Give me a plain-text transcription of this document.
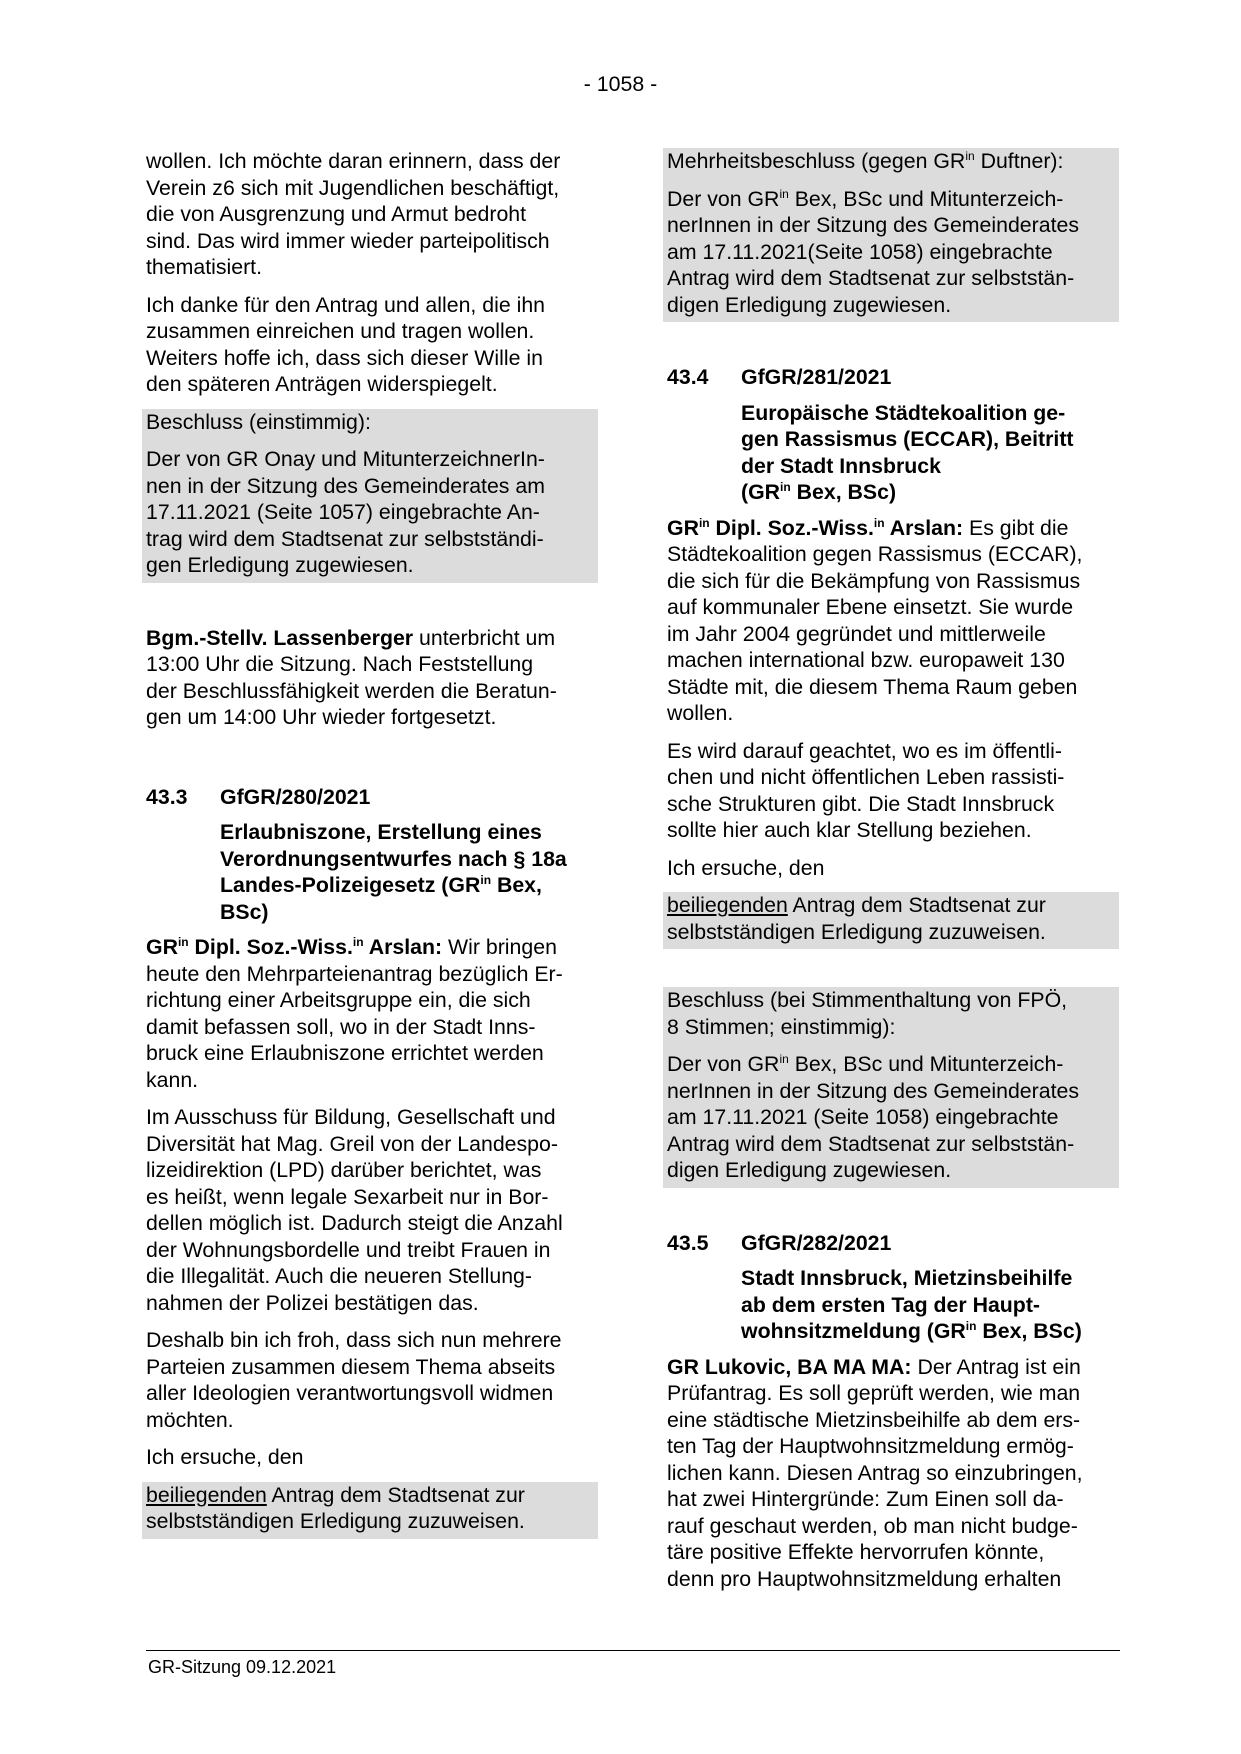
- 1058 -

wollen. Ich möchte daran erinnern, dass der
Verein z6 sich mit Jugendlichen beschäftigt,
die von Ausgrenzung und Armut bedroht
sind. Das wird immer wieder parteipolitisch
thematisiert.

Ich danke für den Antrag und allen, die ihn
zusammen einreichen und tragen wollen.
Weiters hoffe ich, dass sich dieser Wille in
den späteren Anträgen widerspiegelt.

Beschluss (einstimmig):

Der von GR Onay und MitunterzeichnerIn-
nen in der Sitzung des Gemeinderates am
17.11.2021 (Seite 1057) eingebrachte An-
trag wird dem Stadtsenat zur selbstständi-
gen Erledigung zugewiesen.

Bgm.-Stellv. Lassenberger unterbricht um
13:00 Uhr die Sitzung. Nach Feststellung
der Beschlussfähigkeit werden die Beratun-
gen um 14:00 Uhr wieder fortgesetzt.

43.3 GfGR/280/2021
Erlaubniszone, Erstellung eines
Verordnungsentwurfes nach § 18a
Landes-Polizeigesetz ($GR^{in}$ Bex,
BSc)

$GR^{in}$ Dipl. Soz.-Wiss.$^{in}$ Arslan: Wir bringen
heute den Mehrparteienantrag bezüglich Er-
richtung einer Arbeitsgruppe ein, die sich
damit befassen soll, wo in der Stadt Inns-
bruck eine Erlaubniszone errichtet werden
kann.

Im Ausschuss für Bildung, Gesellschaft und
Diversität hat Mag. Greil von der Landespo-
lizeidirektion (LPD) darüber berichtet, was
es heißt, wenn legale Sexarbeit nur in Bor-
dellen möglich ist. Dadurch steigt die Anzahl
der Wohnungsbordelle und treibt Frauen in
die Illegalität. Auch die neueren Stellung-
nahmen der Polizei bestätigen das.

Deshalb bin ich froh, dass sich nun mehrere
Parteien zusammen diesem Thema abseits
aller Ideologien verantwortungsvoll widmen
möchten.

Ich ersuche, den

beiliegenden Antrag dem Stadtsenat zur
selbstständigen Erledigung zuzuweisen.

Mehrheitsbeschluss (gegen $GR^{in}$ Duftner):

Der von $GR^{in}$ Bex, BSc und Mitunterzeich-
nerInnen in der Sitzung des Gemeinderates
am 17.11.2021(Seite 1058) eingebrachte
Antrag wird dem Stadtsenat zur selbststän-
digen Erledigung zugewiesen.

43.4 GfGR/281/2021
Europäische Städtekoalition ge-
gen Rassismus (ECCAR), Beitritt
der Stadt Innsbruck
($GR^{in}$ Bex, BSc)

$GR^{in}$ Dipl. Soz.-Wiss.$^{in}$ Arslan: Es gibt die
Städtekoalition gegen Rassismus (ECCAR),
die sich für die Bekämpfung von Rassismus
auf kommunaler Ebene einsetzt. Sie wurde
im Jahr 2004 gegründet und mittlerweile
machen international bzw. europaweit 130
Städte mit, die diesem Thema Raum geben
wollen.

Es wird darauf geachtet, wo es im öffentli-
chen und nicht öffentlichen Leben rassisti-
sche Strukturen gibt. Die Stadt Innsbruck
sollte hier auch klar Stellung beziehen.

Ich ersuche, den

beiliegenden Antrag dem Stadtsenat zur
selbstständigen Erledigung zuzuweisen.

Beschluss (bei Stimmenthaltung von FPÖ,
8 Stimmen; einstimmig):

Der von $GR^{in}$ Bex, BSc und Mitunterzeich-
nerInnen in der Sitzung des Gemeinderates
am 17.11.2021 (Seite 1058) eingebrachte
Antrag wird dem Stadtsenat zur selbststän-
digen Erledigung zugewiesen.

43.5 GfGR/282/2021
Stadt Innsbruck, Mietzinsbeihilfe
ab dem ersten Tag der Haupt-
wohnsitzmeldung ($GR^{in}$ Bex, BSc)

GR Lukovic, BA MA MA: Der Antrag ist ein
Prüfantrag. Es soll geprüft werden, wie man
eine städtische Mietzinsbeihilfe ab dem ers-
ten Tag der Hauptwohnsitzmeldung ermög-
lichen kann. Diesen Antrag so einzubringen,
hat zwei Hintergründe: Zum Einen soll da-
rauf geschaut werden, ob man nicht budge-
täre positive Effekte hervorrufen könnte,
denn pro Hauptwohnsitzmeldung erhalten

GR-Sitzung 09.12.2021
